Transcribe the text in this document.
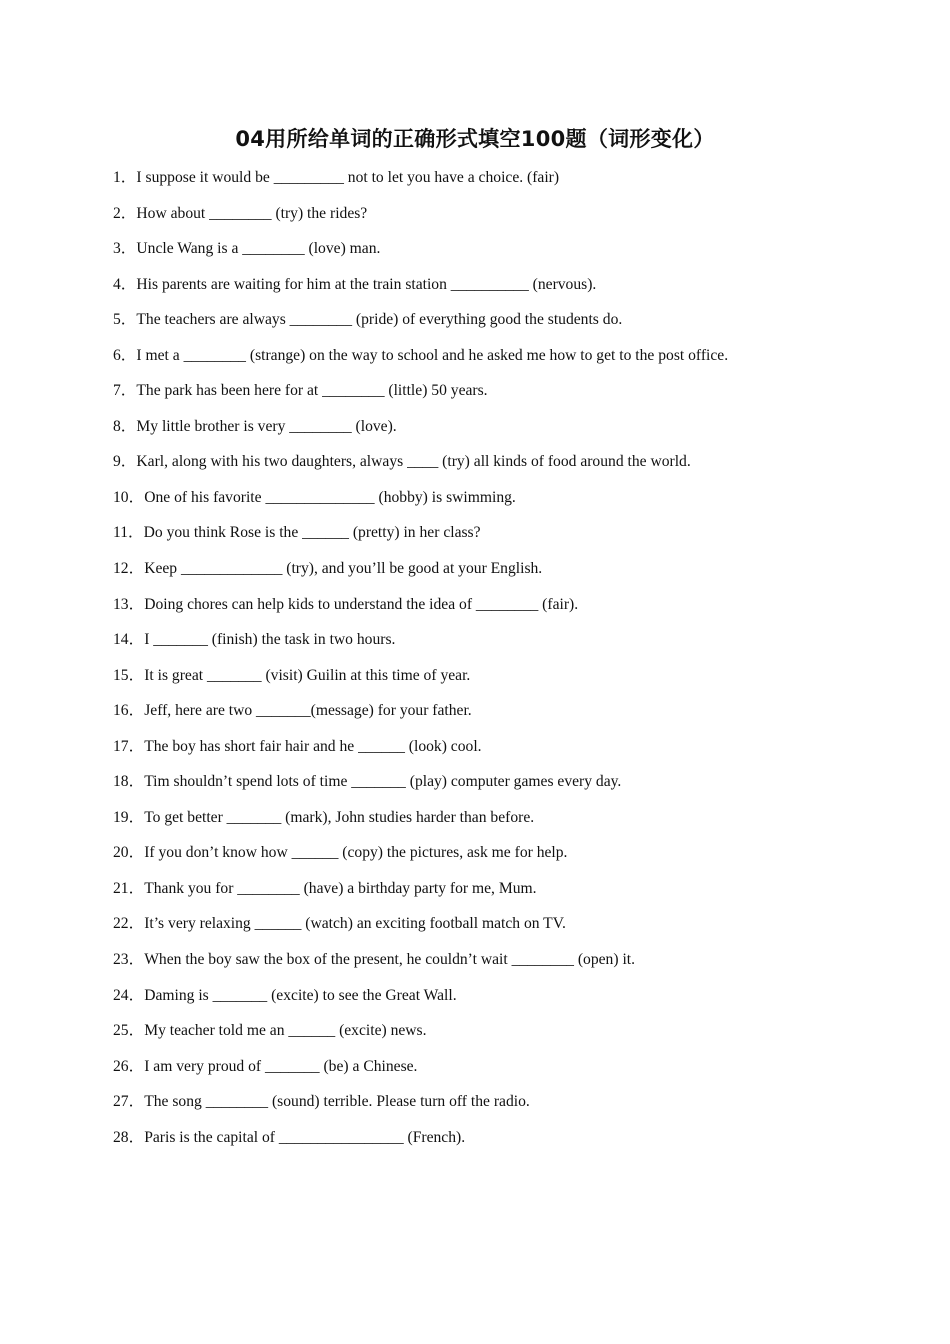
04用所给单词的正确形式填空100题（词形变化）
1．I suppose it would be _________ not to let you have a choice. (fair)
2．How about ________ (try) the rides?
3．Uncle Wang is a ________ (love) man.
4．His parents are waiting for him at the train station __________ (nervous).
5．The teachers are always ________ (pride) of everything good the students do.
6．I met a ________ (strange) on the way to school and he asked me how to get to the post office.
7．The park has been here for at ________ (little) 50 years.
8．My little brother is very ________ (love).
9．Karl, along with his two daughters, always ____ (try) all kinds of food around the world.
10．One of his favorite ______________ (hobby) is swimming.
11．Do you think Rose is the ______ (pretty) in her class?
12．Keep _____________ (try), and you’ll be good at your English.
13．Doing chores can help kids to understand the idea of ________ (fair).
14．I _______ (finish) the task in two hours.
15．It is great _______ (visit) Guilin at this time of year.
16．Jeff, here are two _______(message) for your father.
17．The boy has short fair hair and he ______ (look) cool.
18．Tim shouldn’t spend lots of time _______ (play) computer games every day.
19．To get better _______ (mark), John studies harder than before.
20．If you don’t know how ______ (copy) the pictures, ask me for help.
21．Thank you for ________ (have) a birthday party for me, Mum.
22．It’s very relaxing ______ (watch) an exciting football match on TV.
23．When the boy saw the box of the present, he couldn’t wait ________ (open) it.
24．Daming is _______ (excite) to see the Great Wall.
25．My teacher told me an ______ (excite) news.
26．I am very proud of _______ (be) a Chinese.
27．The song ________ (sound) terrible. Please turn off the radio.
28．Paris is the capital of ________________ (French).
